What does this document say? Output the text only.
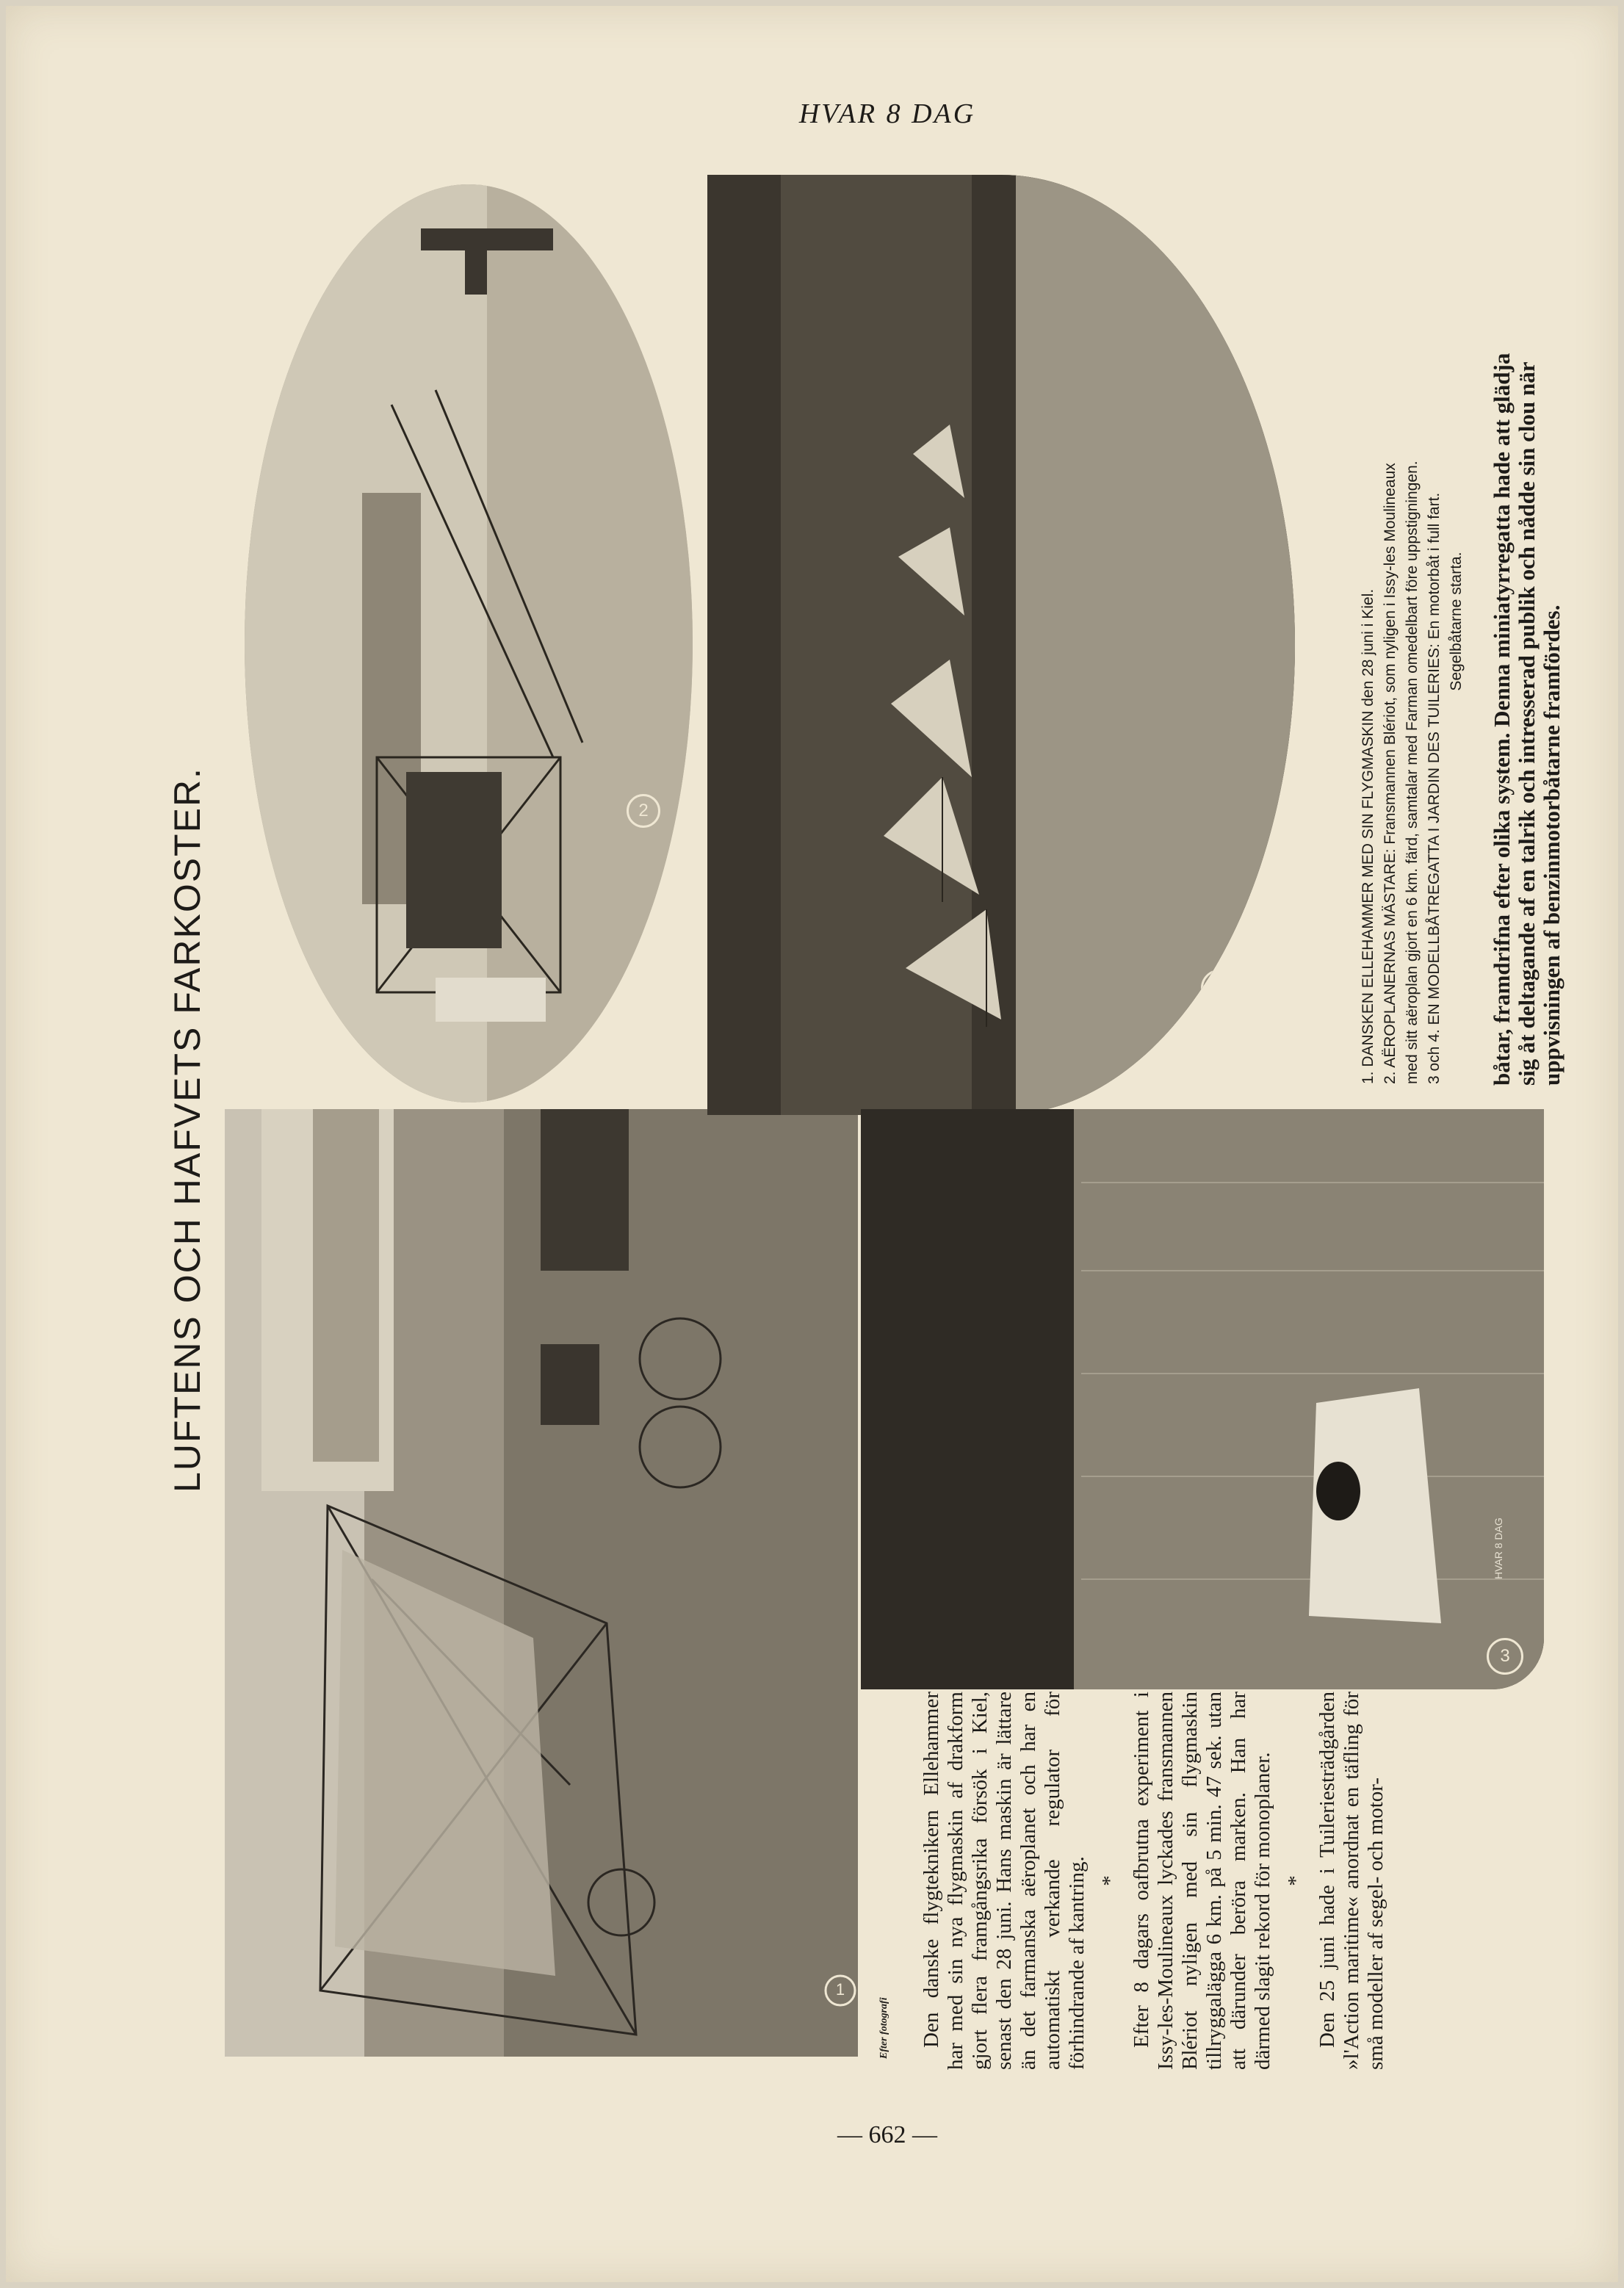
HVAR 8 DAG
LUFTENS OCH HAFVETS FARKOSTER.
1
Efter fotografi
2
4
3
HVAR 8 DAG

Den danske flygteknikern Ellehammer har med sin nya flygmaskin af drakform gjort flera framgångsrika försök i Kiel, senast den 28 juni. Hans maskin är lättare än det farmanska aëroplanet och har en automatiskt verkande regulator för förhindrande af kantring. * Efter 8 dagars oafbrutna experiment i Issy-les-Moulineaux lyckades fransmannen Blériot nyligen med sin flygmaskin tillryggalägga 6 km. på 5 min. 47 sek. utan att därunder beröra marken. Han har därmed slagit rekord för monoplaner. * Den 25 juni hade i Tuileriesträdgården »l'Action maritime« anordnat en täfling för små modeller af segel- och motor-

1. DANSKEN ELLEHAMMER MED SIN FLYGMASKIN den 28 juni i Kiel. 2. AËROPLANERNAS MÄSTARE: Fransmannen Blériot, som nyligen i Issy-les Moulineaux med sitt aëroplan gjort en 6 km. färd, samtalar med Farman omedelbart före uppstigningen. 3 och 4. EN MODELLBÅTREGATTA I JARDIN DES TUILERIES: En motorbåt i full fart. Segelbåtarne starta. båtar, framdrifna efter olika system. Denna miniatyrregatta hade att glädja sig åt deltagande af en talrik och intresserad publik och nådde sin clou när uppvisningen af benzinmotorbåtarne framfördes.
— 662 —
